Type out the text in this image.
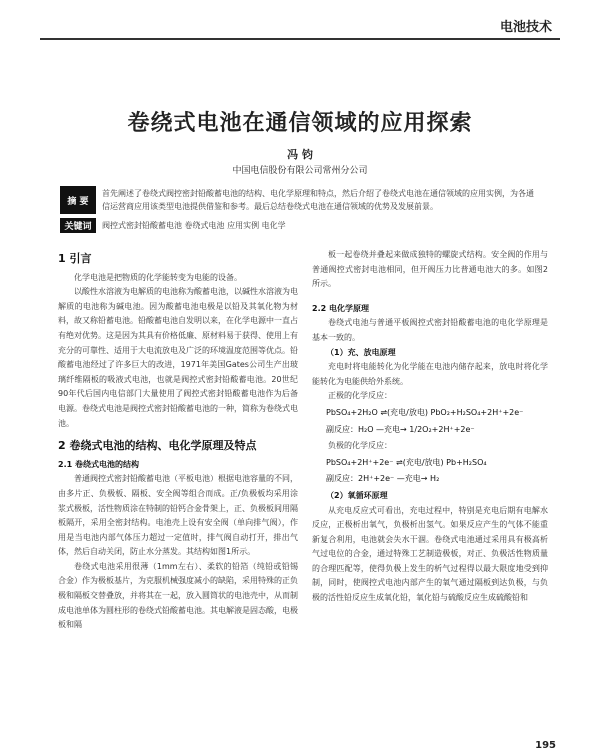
电池技术
卷绕式电池在通信领域的应用探索
冯 钧
中国电信股份有限公司常州分公司
摘 要
首先阐述了卷绕式阀控密封铅酸蓄电池的结构、电化学原理和特点，然后介绍了卷绕式电池在通信领域的应用实例，为各通信运营商应用该类型电池提供借鉴和参考。最后总结卷绕式电池在通信领域的优势及发展前景。
关键词	阀控式密封铅酸蓄电池 卷绕式电池 应用实例 电化学
1 引言

化学电池是把物质的化学能转变为电能的设备。

以酸性水溶液为电解质的电池称为酸蓄电池，以碱性水溶液为电解质的电池称为碱电池。因为酸蓄电池电极是以铅及其氧化物为材料，故又称铅蓄电池。铅酸蓄电池自发明以来，在化学电源中一直占有绝对优势。这是因为其具有价格低廉、原材料易于获得、使用上有充分的可靠性、适用于大电流放电及广泛的环境温度范围等优点。铅酸蓄电池经过了许多巨大的改进，1971年美国Gates公司生产出玻璃纤维隔板的吸液式电池，也就是阀控式密封铅酸蓄电池。20世纪90年代后国内电信部门大量使用了阀控式密封铅酸蓄电池作为后备电源。卷绕式电池是阀控式密封铅酸蓄电池的一种，简称为卷绕式电池。

2 卷绕式电池的结构、电化学原理及特点
2.1 卷绕式电池的结构

普通阀控式密封铅酸蓄电池（平板电池）根据电池容量的不同，由多片正、负极板、隔板、安全阀等组合而成。正/负极板均采用涂浆式极板，活性物质涂在特制的铅钙合金骨架上，正、负极板间用隔板隔开，采用全密封结构。电池壳上设有安全阀（单向排气阀），作用是当电池内部气体压力超过一定值时，排气阀自动打开，排出气体，然后自动关闭，防止水分蒸发。其结构如图1所示。

卷绕式电池采用很薄（1mm左右）、柔软的铅箔（纯铅或铅锡合金）作为极板基片，为克服机械强度减小的缺陷，采用特殊的正负极和隔板交替叠放，并将其在一起，放入圆筒状的电池壳中，从而制成电池单体为圆柱形的卷绕式铅酸蓄电池。其电解液是固态酸，电极板和隔

板一起卷绕并叠起来做成独特的螺旋式结构。安全阀的作用与普通阀控式密封电池相同，但开阀压力比普通电池大的多。如图2所示。

2.2 电化学原理

卷绕式电池与普通平板阀控式密封铅酸蓄电池的电化学原理是基本一致的。

（1）充、放电原理

充电时将电能转化为化学能在电池内储存起来，放电时将化学能转化为电能供给外系统。

正极的化学反应：

PbSO₄+2H₂O ⇌(充电/放电) PbO₂+H₂SO₄+2H⁺+2e⁻
副反应：H₂O —充电→ 1/2O₂+2H⁺+2e⁻

负极的化学反应：

PbSO₄+2H⁺+2e⁻ ⇌(充电/放电) Pb+H₂SO₄
副反应：2H⁺+2e⁻ —充电→ H₂
（2）氧循环原理

从充电反应式可看出，充电过程中，特别是充电后期有电解水反应，正极析出氧气，负极析出氢气。如果反应产生的气体不能重新复合利用，电池就会失水干涸。卷绕式电池通过采用具有极高析气过电位的合金，通过特殊工艺制造极板，对正、负极活性物质量的合理匹配等，使得负极上发生的析气过程得以最大限度地受到抑制，同时，使阀控式电池内部产生的氧气通过隔板到达负极，与负极的活性铅反应生成氧化铅，氧化铅与硫酸反应生成硫酸铅和

195
